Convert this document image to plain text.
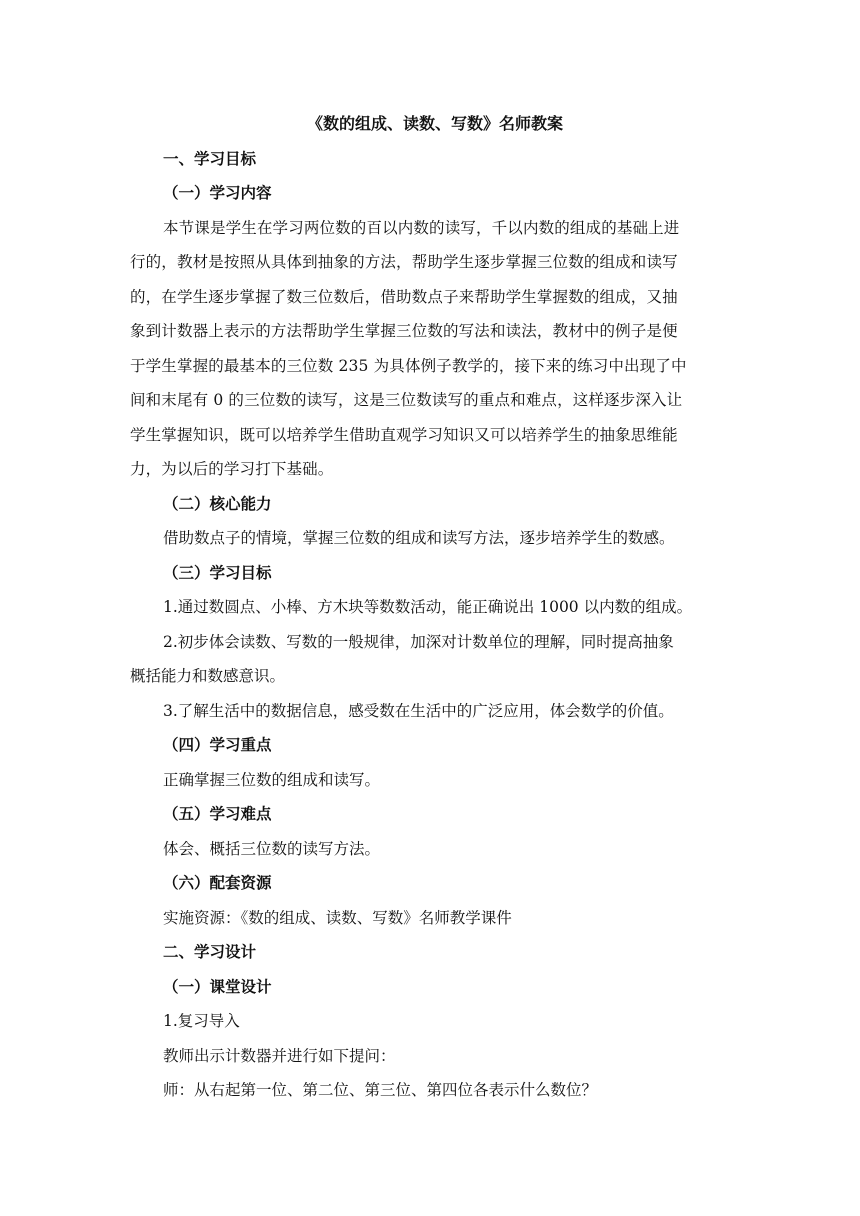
《数的组成、读数、写数》名师教案
一、学习目标
（一）学习内容
本节课是学生在学习两位数的百以内数的读写，千以内数的组成的基础上进
行的，教材是按照从具体到抽象的方法，帮助学生逐步掌握三位数的组成和读写
的，在学生逐步掌握了数三位数后，借助数点子来帮助学生掌握数的组成，又抽
象到计数器上表示的方法帮助学生掌握三位数的写法和读法，教材中的例子是便
于学生掌握的最基本的三位数 235 为具体例子教学的，接下来的练习中出现了中
间和末尾有 0 的三位数的读写，这是三位数读写的重点和难点，这样逐步深入让
学生掌握知识，既可以培养学生借助直观学习知识又可以培养学生的抽象思维能
力，为以后的学习打下基础。
（二）核心能力
借助数点子的情境，掌握三位数的组成和读写方法，逐步培养学生的数感。
（三）学习目标
1.通过数圆点、小棒、方木块等数数活动，能正确说出 1000 以内数的组成。
2.初步体会读数、写数的一般规律，加深对计数单位的理解，同时提高抽象
概括能力和数感意识。
3.了解生活中的数据信息，感受数在生活中的广泛应用，体会数学的价值。
（四）学习重点
正确掌握三位数的组成和读写。
（五）学习难点
体会、概括三位数的读写方法。
（六）配套资源
实施资源：《数的组成、读数、写数》名师教学课件
二、学习设计
（一）课堂设计
1.复习导入
教师出示计数器并进行如下提问：
师：从右起第一位、第二位、第三位、第四位各表示什么数位？
